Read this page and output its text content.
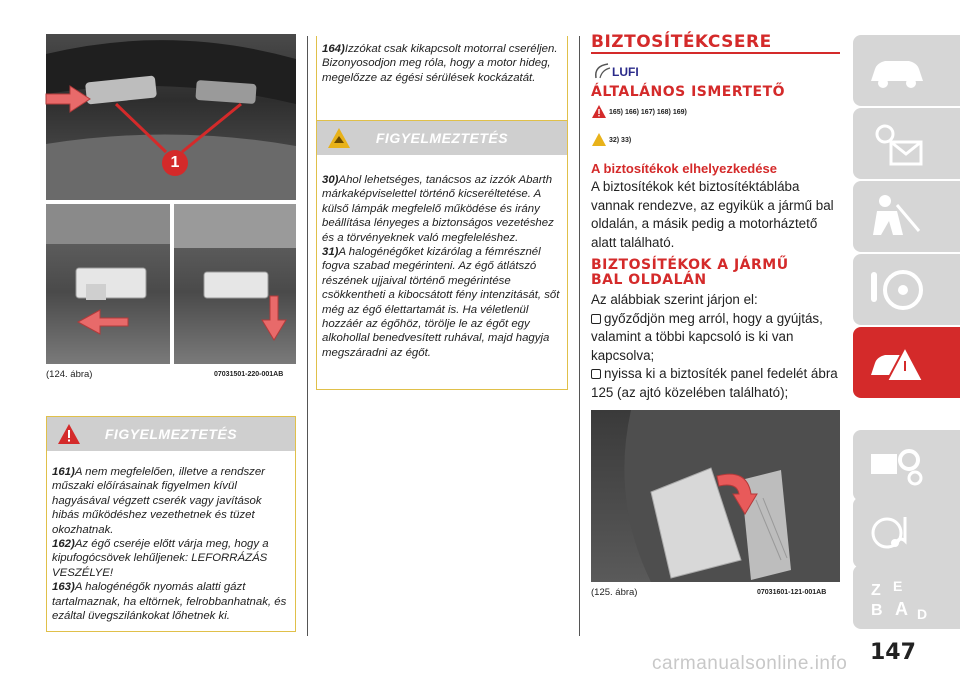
1
(124. ábra)	07031501-220-001AB
FIGYELMEZTETÉS

161)A nem megfelelően, illetve a rendszer műszaki előírásainak figyelmen kívül hagyásával végzett cserék vagy javítások hibás működéshez vezethetnek és tüzet okozhatnak.

162)Az égő cseréje előtt várja meg, hogy a kipufogócsövek lehűljenek: LEFORRÁZÁS VESZÉLYE!

163)A halogénégők nyomás alatti gázt tartalmaznak, ha eltörnek, felrobbanhatnak, és ezáltal üvegszilánkokat lőhetnek ki.

164)Izzókat csak kikapcsolt motorral cseréljen. Bizonyosodjon meg róla, hogy a motor hideg, megelőzze az égési sérülések kockázatát.

FIGYELMEZTETÉS

30)Ahol lehetséges, tanácsos az izzók Abarth márkaképviselettel történő kicseréltetése. A külső lámpák megfelelő működése és irány beállítása lényeges a biztonságos vezetéshez és a törvényeknek való megfeleléshez.

31)A halogénégőket kizárólag a fémrésznél fogva szabad megérinteni. Az égő átlátszó részének ujjaival történő megérintése csökkentheti a kibocsátott fény intenzitását, sőt még az égő élettartamát is. Ha véletlenül hozzáér az égőhöz, törölje le az égőt egy alkohollal benedvesített ruhával, majd hagyja megszáradni az égőt.

BIZTOSÍTÉKCSERE
LUFI
ÁLTALÁNOS ISMERTETŐ
165) 166) 167) 168) 169)
32) 33)
A biztosítékok elhelyezkedése
A biztosítékok két biztosítéktáblába vannak rendezve, az egyikük a jármű bal oldalán, a másik pedig a motorháztető alatt található.
BIZTOSÍTÉKOK A JÁRMŰ
BAL OLDALÁN
Az alábbiak szerint járjon el:
győződjön meg arról, hogy a gyújtás, valamint a többi kapcsoló is ki van kapcsolva;
nyissa ki a biztosíték panel fedelét ábra 125 (az ajtó közelében található);
(125. ábra)	07031601-121-001AB	Z E
B A D
147
carmanualsonline.info
